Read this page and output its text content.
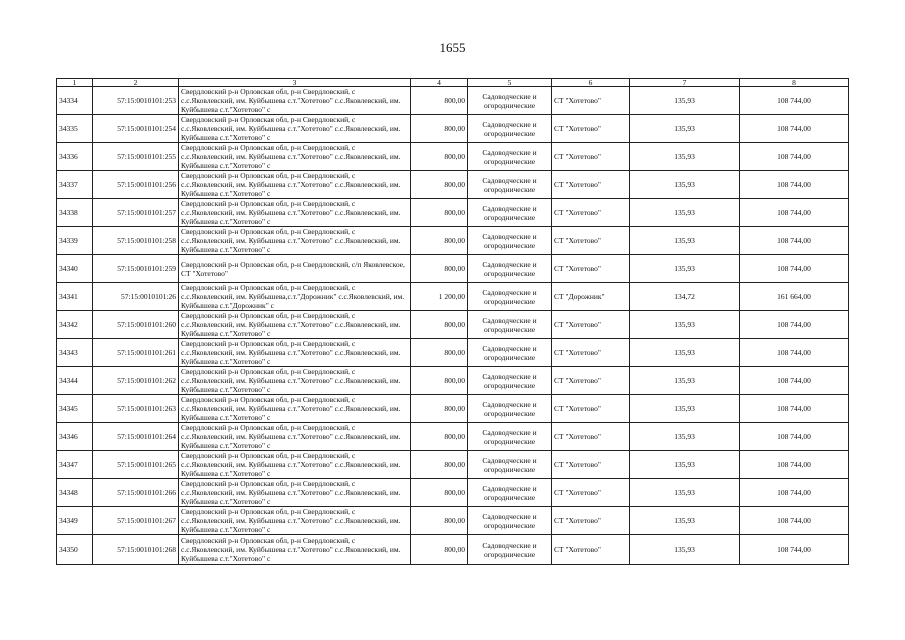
1655
1	2	3	4	5	6	7	8
34334	57:15:0010101:253	Свердловский р-н Орловская обл, р-н Свердловский, с с.с.Яковлевский, им. Куйбышева с.т."Хотетово" с.с.Яковлевский, им. Куйбышева с.т."Хотетово" с	800,00	Садоводческие и огороднические	СТ "Хотетово"	135,93	108 744,00
34335	57:15:0010101:254	Свердловский р-н Орловская обл, р-н Свердловский, с с.с.Яковлевский, им. Куйбышева с.т."Хотетово" с.с.Яковлевский, им. Куйбышева с.т."Хотетово" с	800,00	Садоводческие и огороднические	СТ "Хотетово"	135,93	108 744,00
34336	57:15:0010101:255	Свердловский р-н Орловская обл, р-н Свердловский, с с.с.Яковлевский, им. Куйбышева с.т."Хотетово" с.с.Яковлевский, им. Куйбышева с.т."Хотетово" с	800,00	Садоводческие и огороднические	СТ "Хотетово"	135,93	108 744,00
34337	57:15:0010101:256	Свердловский р-н Орловская обл, р-н Свердловский, с с.с.Яковлевский, им. Куйбышева с.т."Хотетово" с.с.Яковлевский, им. Куйбышева с.т."Хотетово" с	800,00	Садоводческие и огороднические	СТ "Хотетово"	135,93	108 744,00
34338	57:15:0010101:257	Свердловский р-н Орловская обл, р-н Свердловский, с с.с.Яковлевский, им. Куйбышева с.т."Хотетово" с.с.Яковлевский, им. Куйбышева с.т."Хотетово" с	800,00	Садоводческие и огороднические	СТ "Хотетово"	135,93	108 744,00
34339	57:15:0010101:258	Свердловский р-н Орловская обл, р-н Свердловский, с с.с.Яковлевский, им. Куйбышева с.т."Хотетово" с.с.Яковлевский, им. Куйбышева с.т."Хотетово" с	800,00	Садоводческие и огороднические	СТ "Хотетово"	135,93	108 744,00
34340	57:15:0010101:259	Свердловский р-н Орловская обл, р-н Свердловский, с/п Яковлевское, СТ "Хотетово"	800,00	Садоводческие и огороднические	СТ "Хотетово"	135,93	108 744,00
34341	57:15:0010101:26	Свердловский р-н Орловская обл, р-н Свердловский, с с.с.Яковлевский, им. Куйбышева,с.т."Дорожник" с.с.Яковлевский, им. Куйбышева с.т."Дорожник" с	1 200,00	Садоводческие и огороднические	СТ "Дорожник"	134,72	161 664,00
34342	57:15:0010101:260	Свердловский р-н Орловская обл, р-н Свердловский, с с.с.Яковлевский, им. Куйбышева с.т."Хотетово" с.с.Яковлевский, им. Куйбышева с.т."Хотетово" с	800,00	Садоводческие и огороднические	СТ "Хотетово"	135,93	108 744,00
34343	57:15:0010101:261	Свердловский р-н Орловская обл, р-н Свердловский, с с.с.Яковлевский, им. Куйбышева с.т."Хотетово" с.с.Яковлевский, им. Куйбышева с.т."Хотетово" с	800,00	Садоводческие и огороднические	СТ "Хотетово"	135,93	108 744,00
34344	57:15:0010101:262	Свердловский р-н Орловская обл, р-н Свердловский, с с.с.Яковлевский, им. Куйбышева с.т."Хотетово" с.с.Яковлевский, им. Куйбышева с.т."Хотетово" с	800,00	Садоводческие и огороднические	СТ "Хотетово"	135,93	108 744,00
34345	57:15:0010101:263	Свердловский р-н Орловская обл, р-н Свердловский, с с.с.Яковлевский, им. Куйбышева с.т."Хотетово" с.с.Яковлевский, им. Куйбышева с.т."Хотетово" с	800,00	Садоводческие и огороднические	СТ "Хотетово"	135,93	108 744,00
34346	57:15:0010101:264	Свердловский р-н Орловская обл, р-н Свердловский, с с.с.Яковлевский, им. Куйбышева с.т."Хотетово" с.с.Яковлевский, им. Куйбышева с.т."Хотетово" с	800,00	Садоводческие и огороднические	СТ "Хотетово"	135,93	108 744,00
34347	57:15:0010101:265	Свердловский р-н Орловская обл, р-н Свердловский, с с.с.Яковлевский, им. Куйбышева с.т."Хотетово" с.с.Яковлевский, им. Куйбышева с.т."Хотетово" с	800,00	Садоводческие и огороднические	СТ "Хотетово"	135,93	108 744,00
34348	57:15:0010101:266	Свердловский р-н Орловская обл, р-н Свердловский, с с.с.Яковлевский, им. Куйбышева с.т."Хотетово" с.с.Яковлевский, им. Куйбышева с.т."Хотетово" с	800,00	Садоводческие и огороднические	СТ "Хотетово"	135,93	108 744,00
34349	57:15:0010101:267	Свердловский р-н Орловская обл, р-н Свердловский, с с.с.Яковлевский, им. Куйбышева с.т."Хотетово" с.с.Яковлевский, им. Куйбышева с.т."Хотетово" с	800,00	Садоводческие и огороднические	СТ "Хотетово"	135,93	108 744,00
34350	57:15:0010101:268	Свердловский р-н Орловская обл, р-н Свердловский, с с.с.Яковлевский, им. Куйбышева с.т."Хотетово" с.с.Яковлевский, им. Куйбышева с.т."Хотетово" с	800,00	Садоводческие и огороднические	СТ "Хотетово"	135,93	108 744,00
